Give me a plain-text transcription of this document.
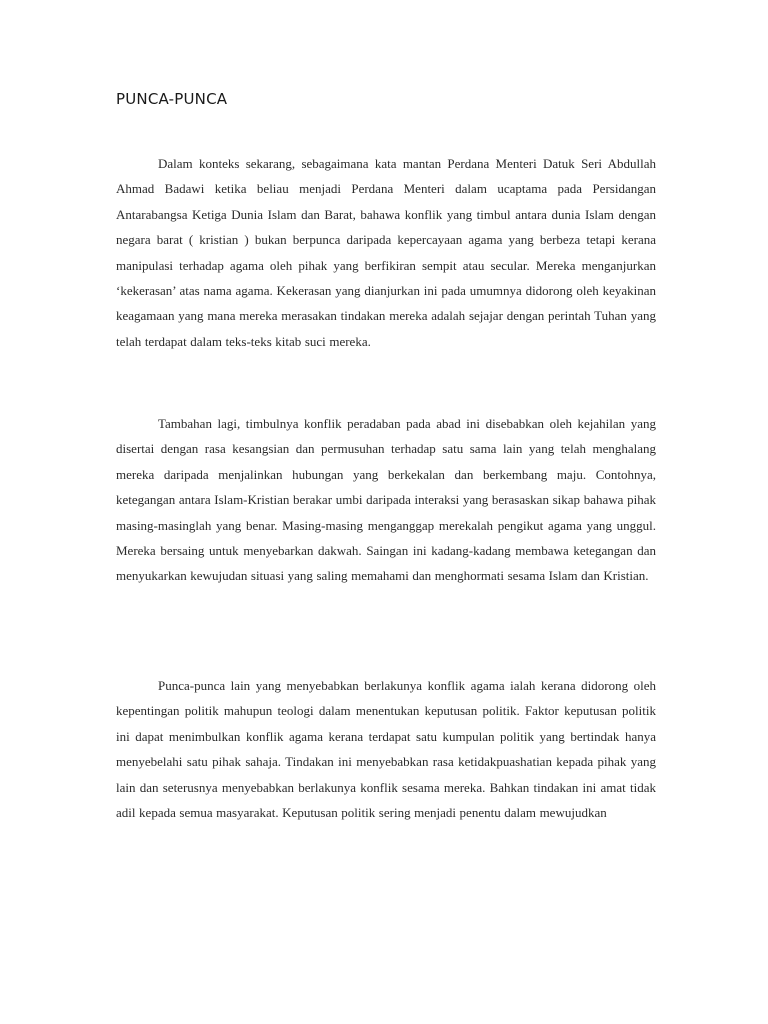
PUNCA-PUNCA

Dalam konteks sekarang, sebagaimana kata mantan Perdana Menteri Datuk Seri Abdullah Ahmad Badawi ketika beliau menjadi Perdana Menteri dalam ucaptama pada Persidangan Antarabangsa Ketiga Dunia Islam dan Barat, bahawa konflik yang timbul antara dunia Islam dengan negara barat ( kristian ) bukan berpunca daripada kepercayaan agama yang berbeza tetapi kerana manipulasi terhadap agama oleh pihak yang berfikiran sempit atau secular. Mereka menganjurkan ‘kekerasan’ atas nama agama. Kekerasan yang dianjurkan ini pada umumnya didorong oleh keyakinan keagamaan yang mana mereka merasakan tindakan mereka adalah sejajar dengan perintah Tuhan yang telah terdapat dalam teks-teks kitab suci mereka.

Tambahan lagi, timbulnya konflik peradaban pada abad ini disebabkan oleh kejahilan yang disertai dengan rasa kesangsian dan permusuhan terhadap satu sama lain yang telah menghalang mereka daripada menjalinkan hubungan yang berkekalan dan berkembang maju. Contohnya, ketegangan antara Islam-Kristian berakar umbi daripada interaksi yang berasaskan sikap bahawa pihak masing-masinglah yang benar. Masing-masing menganggap merekalah pengikut agama yang unggul. Mereka bersaing untuk menyebarkan dakwah. Saingan ini kadang-kadang membawa ketegangan dan menyukarkan kewujudan situasi yang saling memahami dan menghormati sesama Islam dan Kristian.

Punca-punca lain yang menyebabkan berlakunya konflik agama ialah kerana didorong oleh kepentingan politik mahupun teologi dalam menentukan keputusan politik. Faktor keputusan politik ini dapat menimbulkan konflik agama kerana terdapat satu kumpulan politik yang bertindak hanya menyebelahi satu pihak sahaja. Tindakan ini menyebabkan rasa ketidakpuashatian kepada pihak yang lain dan seterusnya menyebabkan berlakunya konflik sesama mereka. Bahkan tindakan ini amat tidak adil kepada semua masyarakat. Keputusan politik sering menjadi penentu dalam mewujudkan
